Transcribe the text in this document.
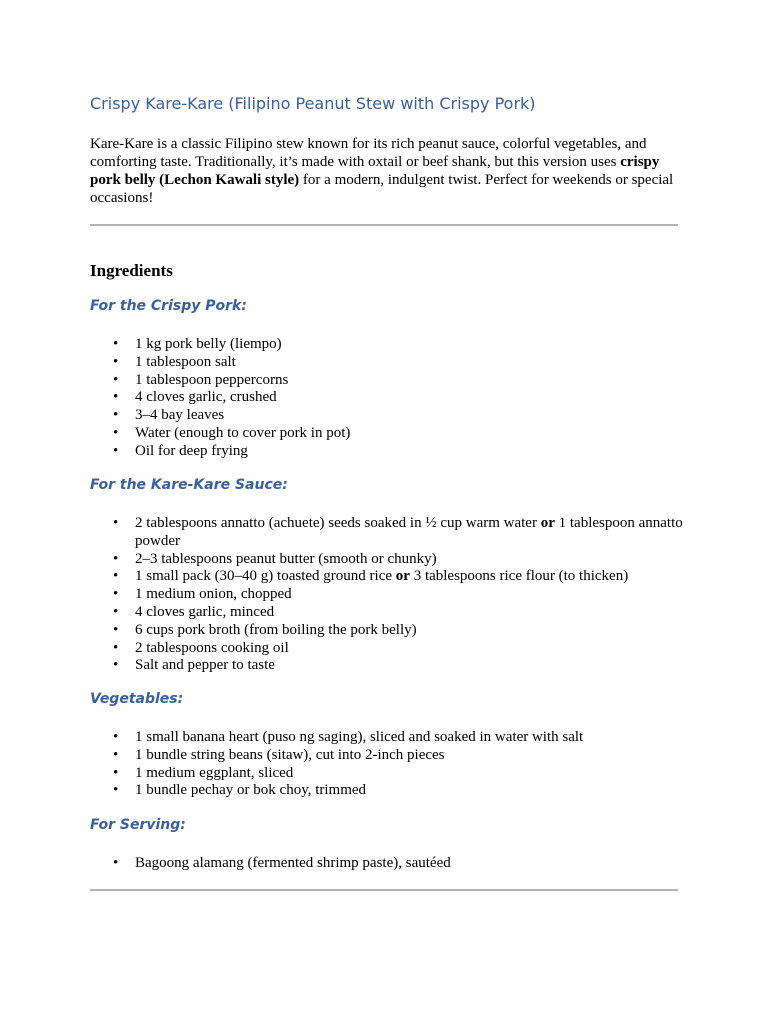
Crispy Kare-Kare (Filipino Peanut Stew with Crispy Pork)

Kare-Kare is a classic Filipino stew known for its rich peanut sauce, colorful vegetables, and comforting taste. Traditionally, it’s made with oxtail or beef shank, but this version uses crispy pork belly (Lechon Kawali style) for a modern, indulgent twist. Perfect for weekends or special occasions!

Ingredients
For the Crispy Pork:
• 1 kg pork belly (liempo)
• 1 tablespoon salt
• 1 tablespoon peppercorns
• 4 cloves garlic, crushed
• 3–4 bay leaves
• Water (enough to cover pork in pot)
• Oil for deep frying
For the Kare-Kare Sauce:
• 2 tablespoons annatto (achuete) seeds soaked in ½ cup warm water or 1 tablespoon annatto powder
• 2–3 tablespoons peanut butter (smooth or chunky)
• 1 small pack (30–40 g) toasted ground rice or 3 tablespoons rice flour (to thicken)
• 1 medium onion, chopped
• 4 cloves garlic, minced
• 6 cups pork broth (from boiling the pork belly)
• 2 tablespoons cooking oil
• Salt and pepper to taste
Vegetables:
• 1 small banana heart (puso ng saging), sliced and soaked in water with salt
• 1 bundle string beans (sitaw), cut into 2-inch pieces
• 1 medium eggplant, sliced
• 1 bundle pechay or bok choy, trimmed
For Serving:
• Bagoong alamang (fermented shrimp paste), sautéed
